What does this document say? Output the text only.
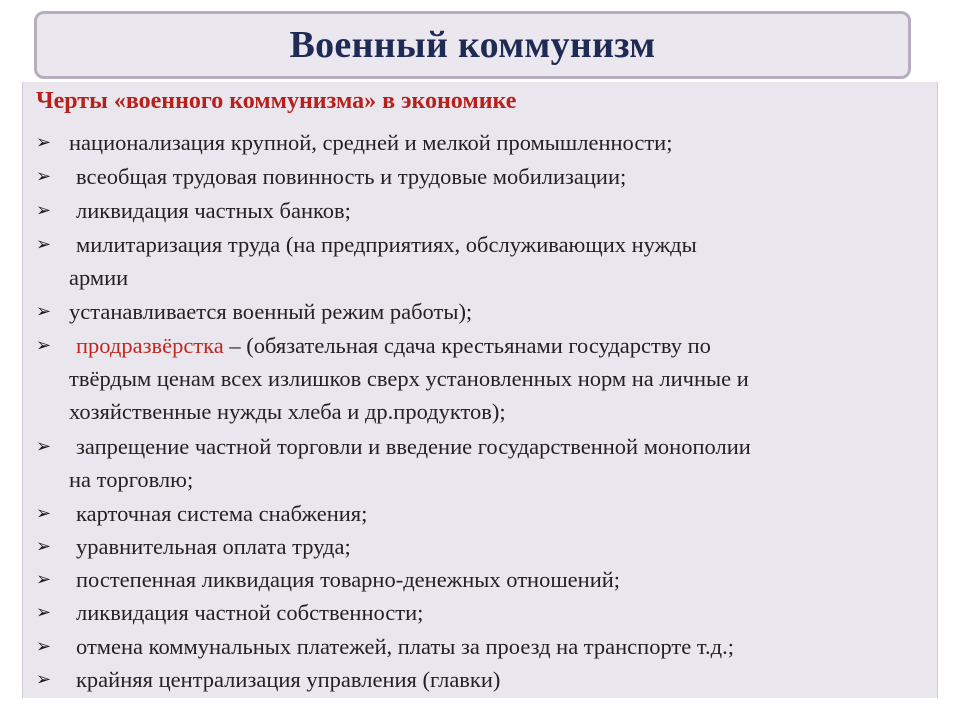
Военный коммунизм
Черты «военного коммунизма» в экономике
➢ национализация крупной, средней и мелкой промышленности;
➢	всеобщая трудовая повинность и трудовые мобилизации;
➢	ликвидация частных банков;
➢	милитаризация труда (на предприятиях, обслуживающих нужды
армии
➢ устанавливается военный режим работы);
➢	продразвёрстка – (обязательная сдача крестьянами государству по
твёрдым ценам всех излишков сверх установленных норм на личные и
хозяйственные нужды хлеба и др.продуктов);
➢	запрещение частной торговли и введение государственной монополии
на торговлю;
➢	карточная система снабжения;
➢	уравнительная оплата труда;
➢	постепенная ликвидация товарно-денежных отношений;
➢	ликвидация частной собственности;
➢	отмена коммунальных платежей, платы за проезд на транспорте т.д.;
➢	крайняя централизация управления (главки)
